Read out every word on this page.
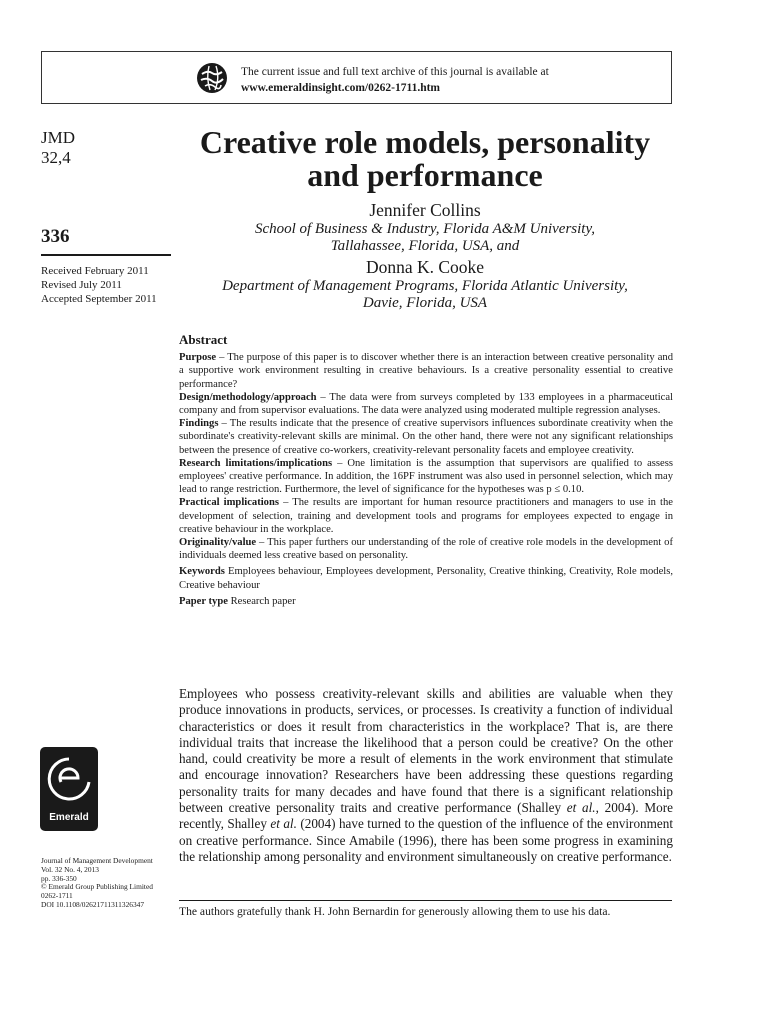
The current issue and full text archive of this journal is available at
www.emeraldinsight.com/0262-1711.htm
JMD
32,4
336
Received February 2011
Revised July 2011
Accepted September 2011
Creative role models, personality
and performance
Jennifer Collins
School of Business & Industry, Florida A&M University,
Tallahassee, Florida, USA, and
Donna K. Cooke
Department of Management Programs, Florida Atlantic University,
Davie, Florida, USA
Abstract

Purpose – The purpose of this paper is to discover whether there is an interaction between creative personality and a supportive work environment resulting in creative behaviours. Is a creative personality essential to creative performance?

Design/methodology/approach – The data were from surveys completed by 133 employees in a pharmaceutical company and from supervisor evaluations. The data were analyzed using moderated multiple regression analyses.

Findings – The results indicate that the presence of creative supervisors influences subordinate creativity when the subordinate's creativity-relevant skills are minimal. On the other hand, there were not any significant relationships between the presence of creative co-workers, creativity-relevant personality facets and employee creativity.

Research limitations/implications – One limitation is the assumption that supervisors are qualified to assess employees' creative performance. In addition, the 16PF instrument was also used in personnel selection, which may lead to range restriction. Furthermore, the level of significance for the hypotheses was p ≤ 0.10.

Practical implications – The results are important for human resource practitioners and managers to use in the development of selection, training and development tools and programs for employees expected to engage in creative behaviour in the workplace.

Originality/value – This paper furthers our understanding of the role of creative role models in the development of individuals deemed less creative based on personality.

Keywords Employees behaviour, Employees development, Personality, Creative thinking, Creativity, Role models, Creative behaviour

Paper type Research paper

Employees who possess creativity-relevant skills and abilities are valuable when they produce innovations in products, services, or processes. Is creativity a function of individual characteristics or does it result from characteristics in the workplace? That is, are there individual traits that increase the likelihood that a person could be creative? On the other hand, could creativity be more a result of elements in the work environment that stimulate and encourage innovation? Researchers have been addressing these questions regarding personality traits for many decades and have found that there is a significant relationship between creative personality traits and creative performance (Shalley et al., 2004). More recently, Shalley et al. (2004) have turned to the question of the influence of the environment on creative performance. Since Amabile (1996), there has been some progress in examining the relationship among personality and environment simultaneously on creative performance.
The authors gratefully thank H. John Bernardin for generously allowing them to use his data.
Emerald
Journal of Management Development
Vol. 32 No. 4, 2013
pp. 336-350
© Emerald Group Publishing Limited
0262-1711
DOI 10.1108/02621711311326347
